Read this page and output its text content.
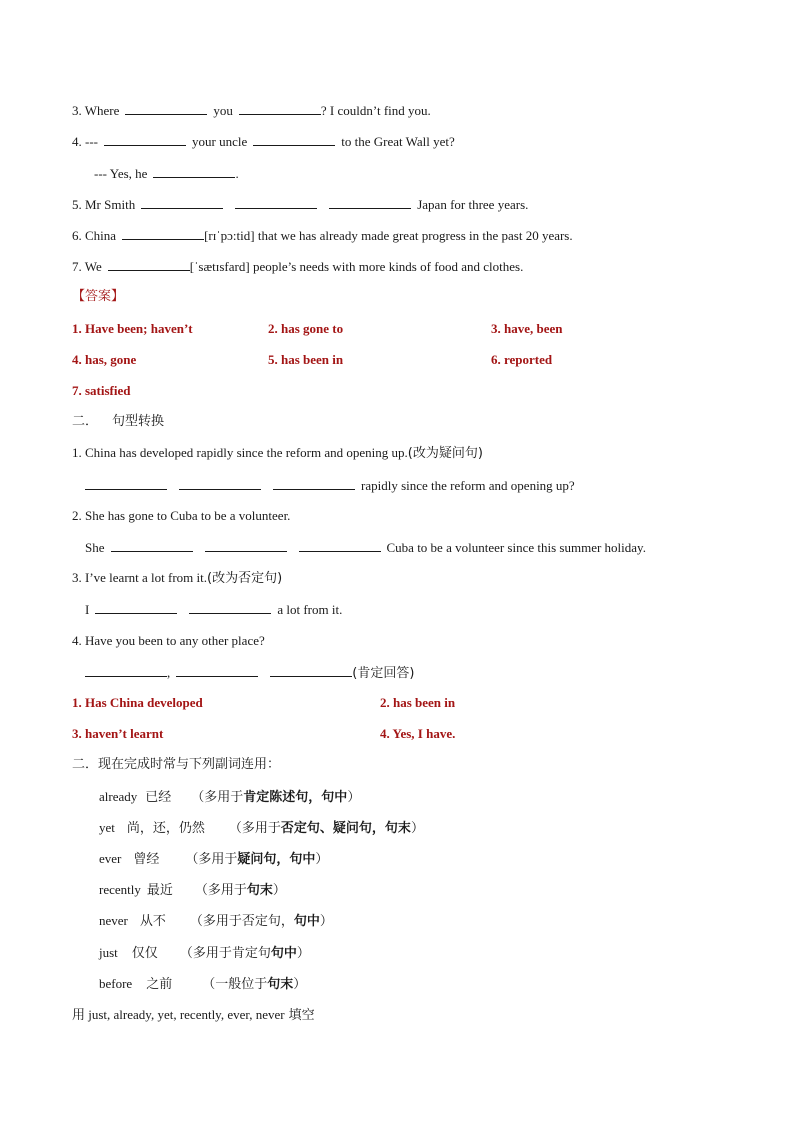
3. Where	you	? I couldn’t find you.
4. ---	your uncle	to the Great Wall yet?
--- Yes, he	.
5. Mr Smith	Japan for three years.
6. China	[rɪˈpɔ:tid] that we has already made great progress in the past 20 years.
7. We	[ˈsætɪsfard] people’s needs with more kinds of food and clothes.
【答案】
1. Have been; haven’t	2. has gone to	3. have, been
4. has, gone	5. has been in	6. reported
7. satisfied
二． 句型转换
1. China has developed rapidly since the reform and opening up.(改为疑问句)
rapidly since the reform and opening up?
2. She has gone to Cuba to be a volunteer.
She	Cuba to be a volunteer since this summer holiday.
3. I’ve learnt a lot from it.(改为否定句)
I	a lot from it.
4. Have you been to any other place?
,	(肯定回答)
1. Has China developed	2. has been in
3. haven’t learnt	4. Yes, I have.
二．现在完成时常与下列副词连用：
already 已经 （多用于肯定陈述句，句中）
yet 尚，还，仍然 （多用于否定句、疑问句，句末）
ever 曾经 （多用于疑问句，句中）
recently 最近 （多用于句末）
never 从不 （多用于否定句，句中）
just 仅仅 （多用于肯定句句中）
before 之前 （一般位于句末）
用 just, already, yet, recently, ever, never 填空
